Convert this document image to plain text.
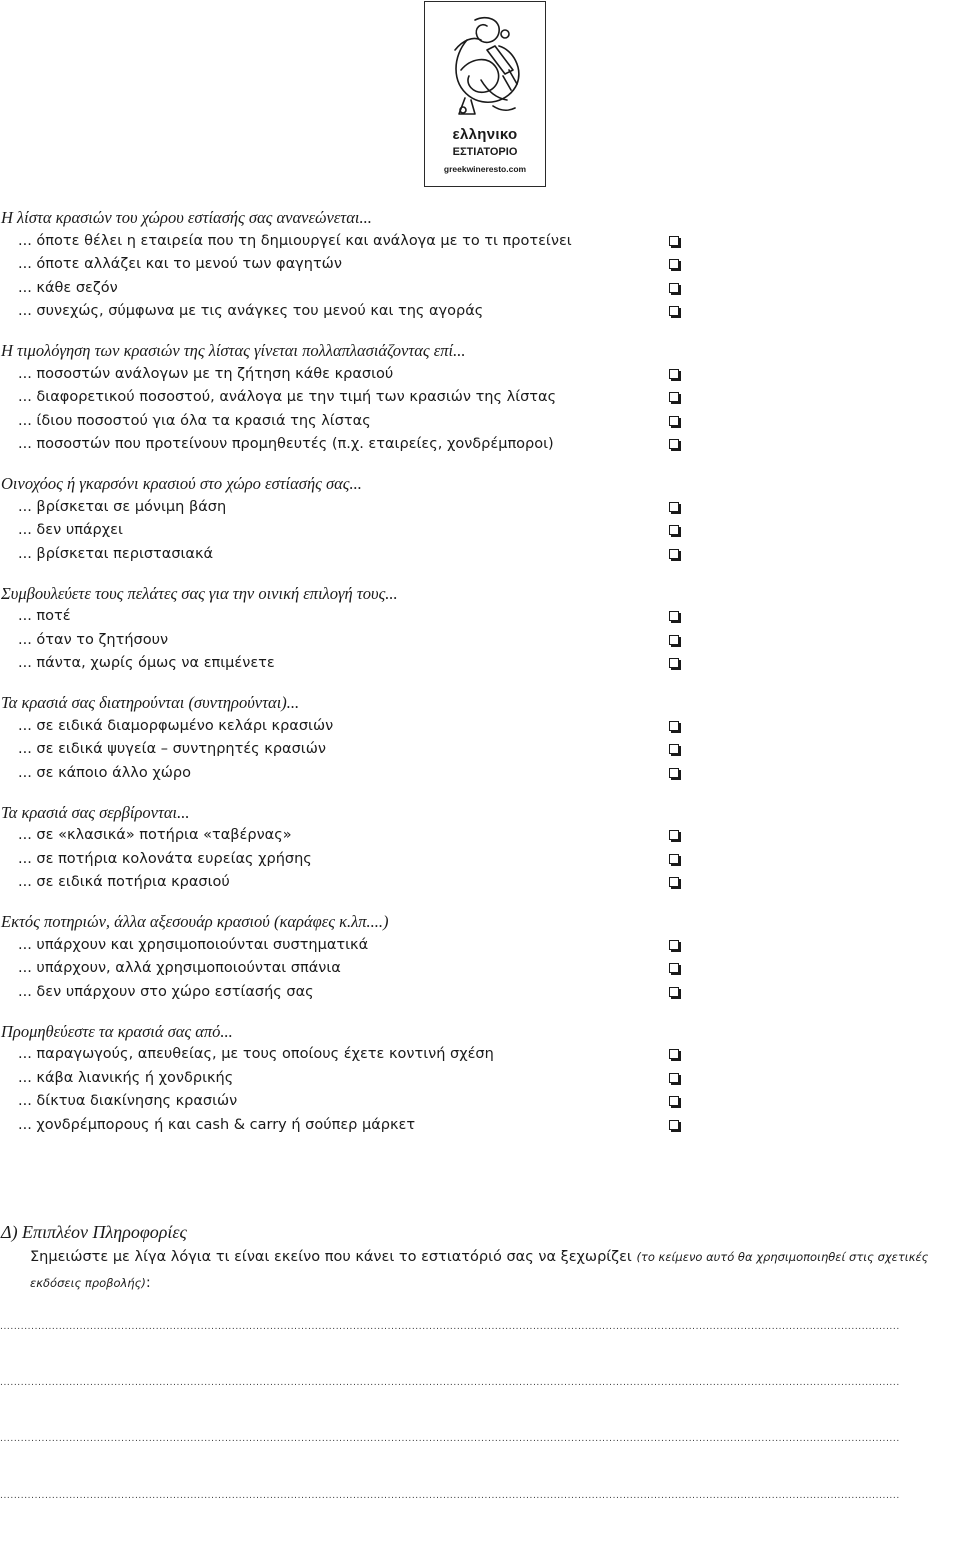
ελληνικο
ΕΣΤΙΑΤΟΡΙΟ
greekwineresto.com
Η λίστα κρασιών του χώρου εστίασής σας ανανεώνεται...
... όποτε θέλει η εταιρεία που τη δημιουργεί και ανάλογα με το τι προτείνει
... όποτε αλλάζει και το μενού των φαγητών
... κάθε σεζόν
... συνεχώς, σύμφωνα με τις ανάγκες του μενού και της αγοράς
Η τιμολόγηση των κρασιών της λίστας γίνεται πολλαπλασιάζοντας επί...
... ποσοστών ανάλογων με τη ζήτηση κάθε κρασιού
... διαφορετικού ποσοστού, ανάλογα με την τιμή των κρασιών της λίστας
... ίδιου ποσοστού για όλα τα κρασιά της λίστας
... ποσοστών που προτείνουν προμηθευτές (π.χ. εταιρείες, χονδρέμποροι)
Οινοχόος ή γκαρσόνι κρασιού στο χώρο εστίασής σας...
... βρίσκεται σε μόνιμη βάση
... δεν υπάρχει
... βρίσκεται περιστασιακά
Συμβουλεύετε τους πελάτες σας για την οινική επιλογή τους...
... ποτέ
... όταν το ζητήσουν
... πάντα, χωρίς όμως να επιμένετε
Τα κρασιά σας διατηρούνται (συντηρούνται)...
... σε ειδικά διαμορφωμένο κελάρι κρασιών
... σε ειδικά ψυγεία – συντηρητές κρασιών
... σε κάποιο άλλο χώρο
Τα κρασιά σας σερβίρονται...
... σε «κλασικά» ποτήρια «ταβέρνας»
... σε ποτήρια κολονάτα ευρείας χρήσης
... σε ειδικά ποτήρια κρασιού
Εκτός ποτηριών, άλλα αξεσουάρ κρασιού (καράφες κ.λπ....)
... υπάρχουν και χρησιμοποιούνται συστηματικά
... υπάρχουν, αλλά χρησιμοποιούνται σπάνια
... δεν υπάρχουν στο χώρο εστίασής σας
Προμηθεύεστε τα κρασιά σας από...
... παραγωγούς, απευθείας, με τους οποίους έχετε κοντινή σχέση
... κάβα λιανικής ή χονδρικής
... δίκτυα διακίνησης κρασιών
... χονδρέμπορους ή και cash & carry ή σούπερ μάρκετ
Δ) Επιπλέον Πληροφορίες
Σημειώστε με λίγα λόγια τι είναι εκείνο που κάνει το εστιατόριό σας να ξεχωρίζει (το κείμενο αυτό θα χρησιμοποιηθεί στις σχετικές εκδόσεις προβολής):
....................................................................................................................................................................................................................................................................
....................................................................................................................................................................................................................................................................
....................................................................................................................................................................................................................................................................
....................................................................................................................................................................................................................................................................
